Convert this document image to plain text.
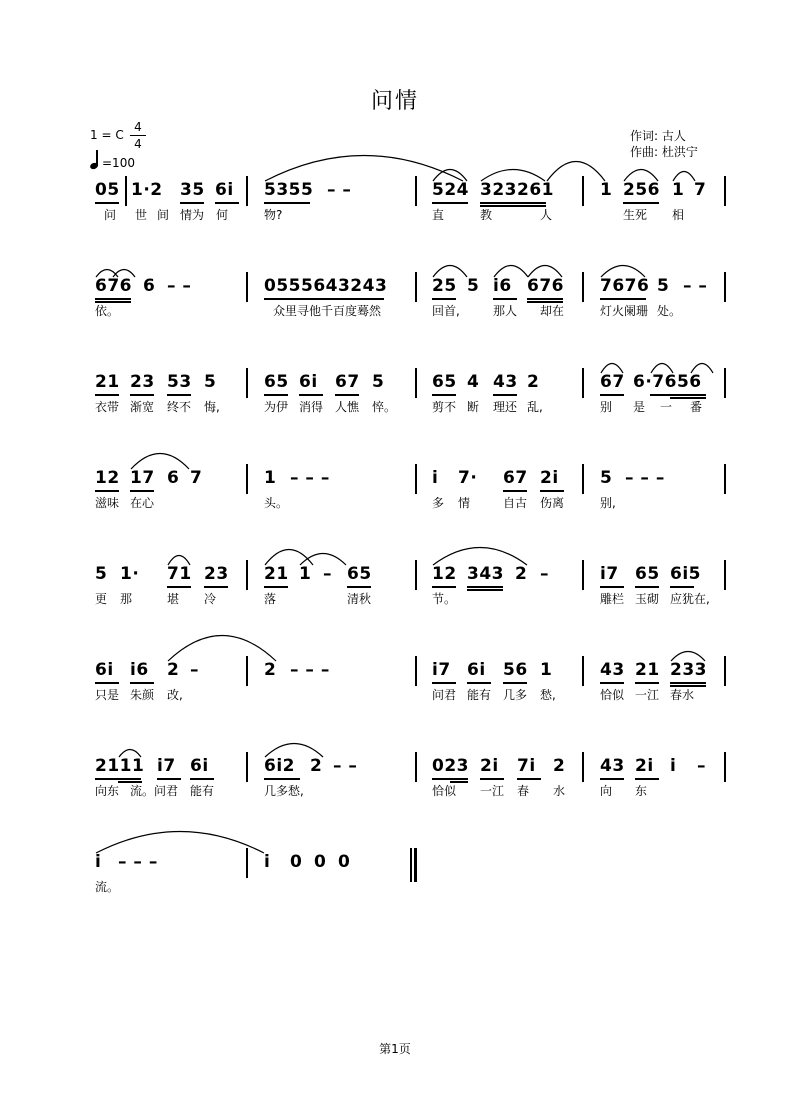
问情
1 = C
4
4
=100
作词: 古人
作曲: 杜洪宁
05 1·2 35 6i 5355 – –	524 323261	1 256 1 7
问 世 间 情为 何	物?	直	教	人	生死 相
676 6 – –	0555643243	25 5 i6 676 7676 5 – –
依。	众里寻他千百度蓦然	回首,	那人 却在	灯火阑珊 处。
21 23 53 5	65 6i 67 5	65 4 43 2	67 6·7656
衣带 渐宽 终不 悔,	为伊 消得 人憔 悴。	剪不 断 理还 乱,	别 是 一 番
12 17 6 7	1 – – –	i 7· 67 2i 5 – – –
滋味 在心	头。	多 情	自古 伤离	别,
5 1· 71 23 21 1 – 65	12 343 2 –	i7 65 6i5
更 那	堪 冷	落	清秋	节。	雕栏 玉砌 应犹在,
6i i6 2 –	2 – – –	i7 6i 56 1	43 21 233
只是 朱颜 改,	问君 能有 几多 愁,	恰似 一江 春水
2111 i7 6i	6i2 2 – –	023 2i 7i 2 43 2i i –
向东 流。问君 能有	几多愁,	恰似 一江 春 水	向 东
i – – –	i 0 0 0
流。
第1页
